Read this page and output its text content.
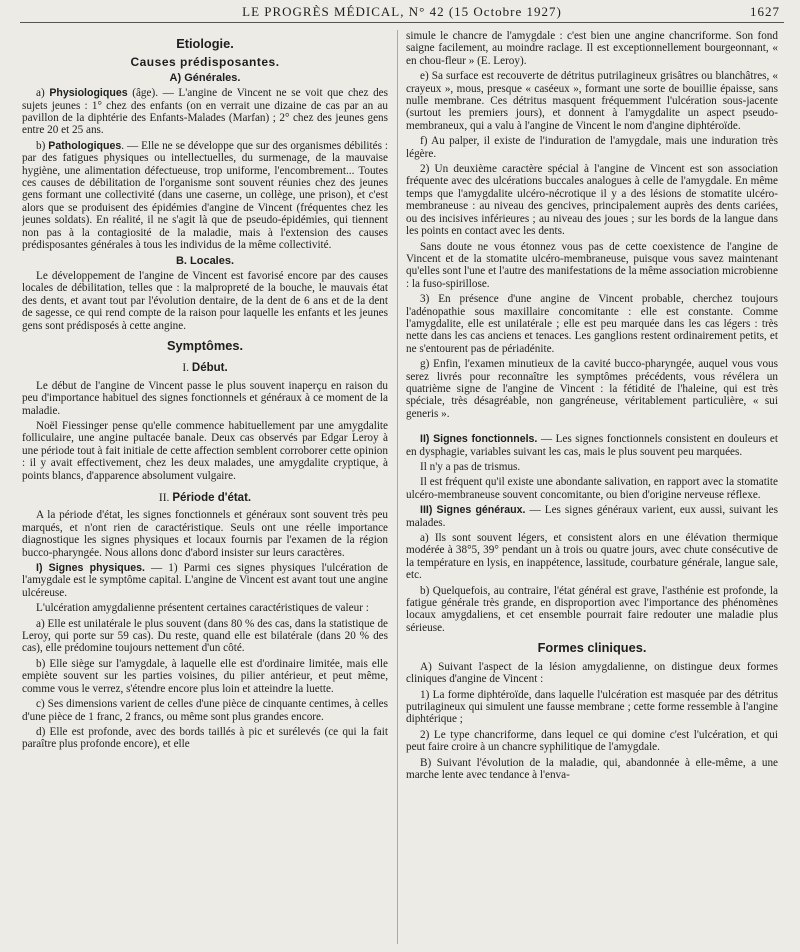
LE PROGRÈS MÉDICAL, N° 42 (15 Octobre 1927)	1627
Etiologie.
Causes prédisposantes.
A) Générales.

a) Physiologiques (âge). — L'angine de Vincent ne se voit que chez des sujets jeunes : 1° chez des enfants (on en verrait une dizaine de cas par an au pavillon de la diphtérie des Enfants-Malades (Marfan) ; 2° chez des jeunes gens entre 20 et 25 ans.

b) Pathologiques. — Elle ne se développe que sur des organismes débilités : par des fatigues physiques ou intellectuelles, du surmenage, de la mauvaise hygiène, une alimentation défectueuse, trop uniforme, l'encombrement... Toutes ces causes de débilitation de l'organisme sont souvent réunies chez des jeunes gens formant une collectivité (dans une caserne, un collège, une prison), et c'est alors que se produisent des épidémies d'angine de Vincent (fréquentes chez les jeunes soldats). En réalité, il ne s'agit là que de pseudo-épidémies, qui tiennent non pas à la contagiosité de la maladie, mais à l'extension des causes prédisposantes générales à tous les individus de la même collectivité.

B. Locales.

Le développement de l'angine de Vincent est favorisé encore par des causes locales de débilitation, telles que : la malpropreté de la bouche, le mauvais état des dents, et avant tout par l'évolution dentaire, de la dent de 6 ans et de la dent de sagesse, ce qui rend compte de la raison pour laquelle les enfants et les jeunes gens sont prédisposés à cette angine.

Symptômes.
I. Début.

Le début de l'angine de Vincent passe le plus souvent inaperçu en raison du peu d'importance habituel des signes fonctionnels et généraux à ce moment de la maladie.

Noël Fiessinger pense qu'elle commence habituellement par une amygdalite folliculaire, une angine pultacée banale. Deux cas observés par Edgar Leroy à une période tout à fait initiale de cette affection semblent corroborer cette opinion : il y avait effectivement, chez les deux malades, une amygdalite cryptique, à points blancs, d'apparence absolument vulgaire.

II. Période d'état.

A la période d'état, les signes fonctionnels et généraux sont souvent très peu marqués, et n'ont rien de caractéristique. Seuls ont une réelle importance diagnostique les signes physiques et locaux fournis par l'examen de la région bucco-pharyngée. Nous allons donc d'abord insister sur leurs caractères.

I) Signes physiques. — 1) Parmi ces signes physiques l'ulcération de l'amygdale est le symptôme capital. L'angine de Vincent est avant tout une angine ulcéreuse.

L'ulcération amygdalienne présentent certaines caractéristiques de valeur :

a) Elle est unilatérale le plus souvent (dans 80 % des cas, dans la statistique de Leroy, qui porte sur 59 cas). Du reste, quand elle est bilatérale (dans 20 % des cas), elle prédomine toujours nettement d'un côté.

b) Elle siège sur l'amygdale, à laquelle elle est d'ordinaire limitée, mais elle empiète souvent sur les parties voisines, du pilier antérieur, et peut même, comme vous le verrez, s'étendre encore plus loin et atteindre la luette.

c) Ses dimensions varient de celles d'une pièce de cinquante centimes, à celles d'une pièce de 1 franc, 2 francs, ou même sont plus grandes encore.

d) Elle est profonde, avec des bords taillés à pic et surélevés (ce qui la fait paraître plus profonde encore), et elle

simule le chancre de l'amygdale : c'est bien une angine chancriforme. Son fond saigne facilement, au moindre raclage. Il est exceptionnellement bourgeonnant, « en chou-fleur » (E. Leroy).

e) Sa surface est recouverte de détritus putrilagineux grisâtres ou blanchâtres, « crayeux », mous, presque « caséeux », formant une sorte de bouillie épaisse, sans nulle membrane. Ces détritus masquent fréquemment l'ulcération sous-jacente (surtout les premiers jours), et donnent à l'amygdalite un aspect pseudo-membraneux, qui a valu à l'angine de Vincent le nom d'angine diphtéroïde.

f) Au palper, il existe de l'induration de l'amygdale, mais une induration très légère.

2) Un deuxième caractère spécial à l'angine de Vincent est son association fréquente avec des ulcérations buccales analogues à celle de l'amygdale. En même temps que l'amygdalite ulcéro-nécrotique il y a des lésions de stomatite ulcéro-membraneuse : au niveau des gencives, principalement auprès des dents cariées, ou des incisives inférieures ; au niveau des joues ; sur les bords de la langue dans les points en contact avec les dents.

Sans doute ne vous étonnez vous pas de cette coexistence de l'angine de Vincent et de la stomatite ulcéro-membraneuse, puisque vous savez maintenant qu'elles sont l'une et l'autre des manifestations de la même association microbienne : la fuso-spirillose.

3) En présence d'une angine de Vincent probable, cherchez toujours l'adénopathie sous maxillaire concomitante : elle est constante. Comme l'amygdalite, elle est unilatérale ; elle est peu marquée dans les cas légers : très nette dans les cas anciens et tenaces. Les ganglions restent ordinairement petits, et ne s'entourent pas de périadénite.

g) Enfin, l'examen minutieux de la cavité bucco-pharyngée, auquel vous vous serez livrés pour reconnaître les symptômes précédents, vous révélera un quatrième signe de l'angine de Vincent : la fétidité de l'haleine, qui est très spéciale, très désagréable, non gangréneuse, véritablement particulière, « sui generis ».

II) Signes fonctionnels. — Les signes fonctionnels consistent en douleurs et en dysphagie, variables suivant les cas, mais le plus souvent peu marquées.

Il n'y a pas de trismus.

Il est fréquent qu'il existe une abondante salivation, en rapport avec la stomatite ulcéro-membraneuse souvent concomitante, ou bien d'origine nerveuse réflexe.

III) Signes généraux. — Les signes généraux varient, eux aussi, suivant les malades.

a) Ils sont souvent légers, et consistent alors en une élévation thermique modérée à 38°5, 39° pendant un à trois ou quatre jours, avec chute consécutive de la température en lysis, en inappétence, lassitude, courbature générale, langue sale, etc.

b) Quelquefois, au contraire, l'état général est grave, l'asthénie est profonde, la fatigue générale très grande, en disproportion avec l'importance des phénomènes locaux amygdaliens, et cet ensemble pourrait faire redouter une maladie plus sérieuse.

Formes cliniques.

A) Suivant l'aspect de la lésion amygdalienne, on distingue deux formes cliniques d'angine de Vincent :

1) La forme diphtéroïde, dans laquelle l'ulcération est masquée par des détritus putrilagineux qui simulent une fausse membrane ; cette forme ressemble à l'angine diphtérique ;

2) Le type chancriforme, dans lequel ce qui domine c'est l'ulcération, et qui peut faire croire à un chancre syphilitique de l'amygdale.

B) Suivant l'évolution de la maladie, qui, abandonnée à elle-même, a une marche lente avec tendance à l'enva-
